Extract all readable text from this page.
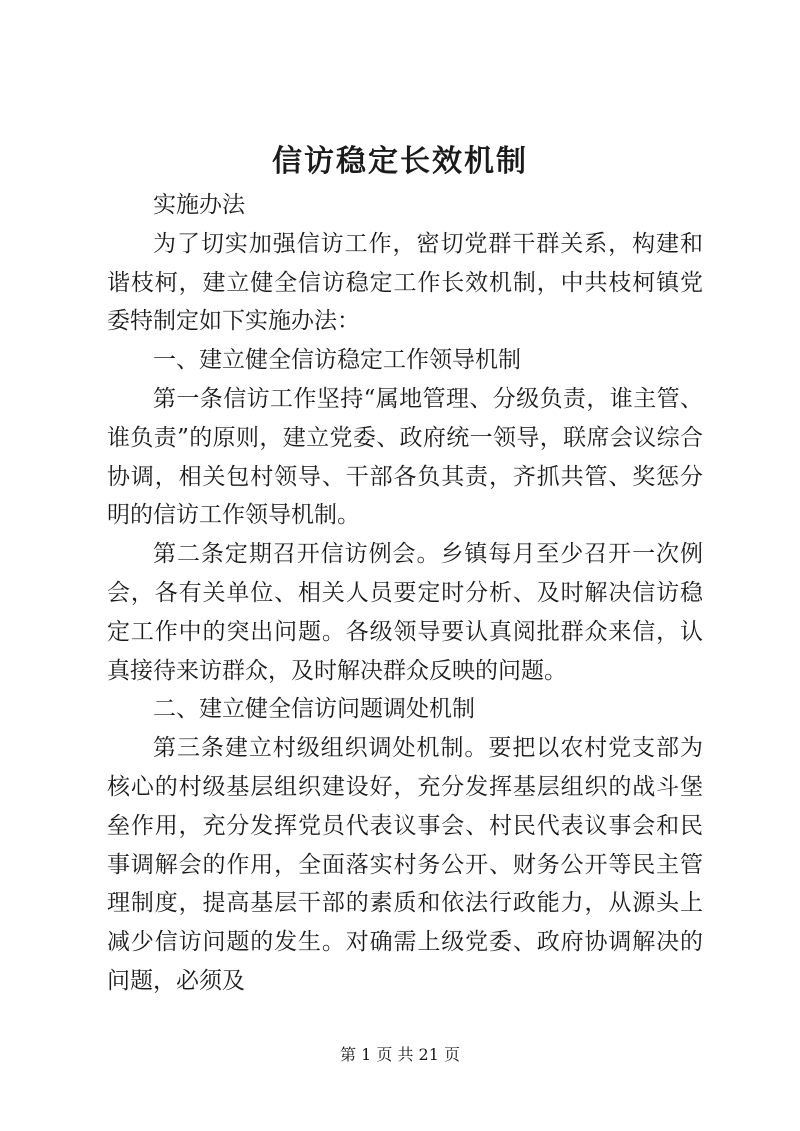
信访稳定长效机制

实施办法

为了切实加强信访工作，密切党群干群关系，构建和谐枝柯，建立健全信访稳定工作长效机制，中共枝柯镇党委特制定如下实施办法：

一、建立健全信访稳定工作领导机制

第一条信访工作坚持“属地管理、分级负责，谁主管、谁负责”的原则，建立党委、政府统一领导，联席会议综合协调，相关包村领导、干部各负其责，齐抓共管、奖惩分明的信访工作领导机制。

第二条定期召开信访例会。乡镇每月至少召开一次例会，各有关单位、相关人员要定时分析、及时解决信访稳定工作中的突出问题。各级领导要认真阅批群众来信，认真接待来访群众，及时解决群众反映的问题。

二、建立健全信访问题调处机制

第三条建立村级组织调处机制。要把以农村党支部为核心的村级基层组织建设好，充分发挥基层组织的战斗堡垒作用，充分发挥党员代表议事会、村民代表议事会和民事调解会的作用，全面落实村务公开、财务公开等民主管理制度，提高基层干部的素质和依法行政能力，从源头上减少信访问题的发生。对确需上级党委、政府协调解决的问题，必须及

第 1 页 共 21 页
